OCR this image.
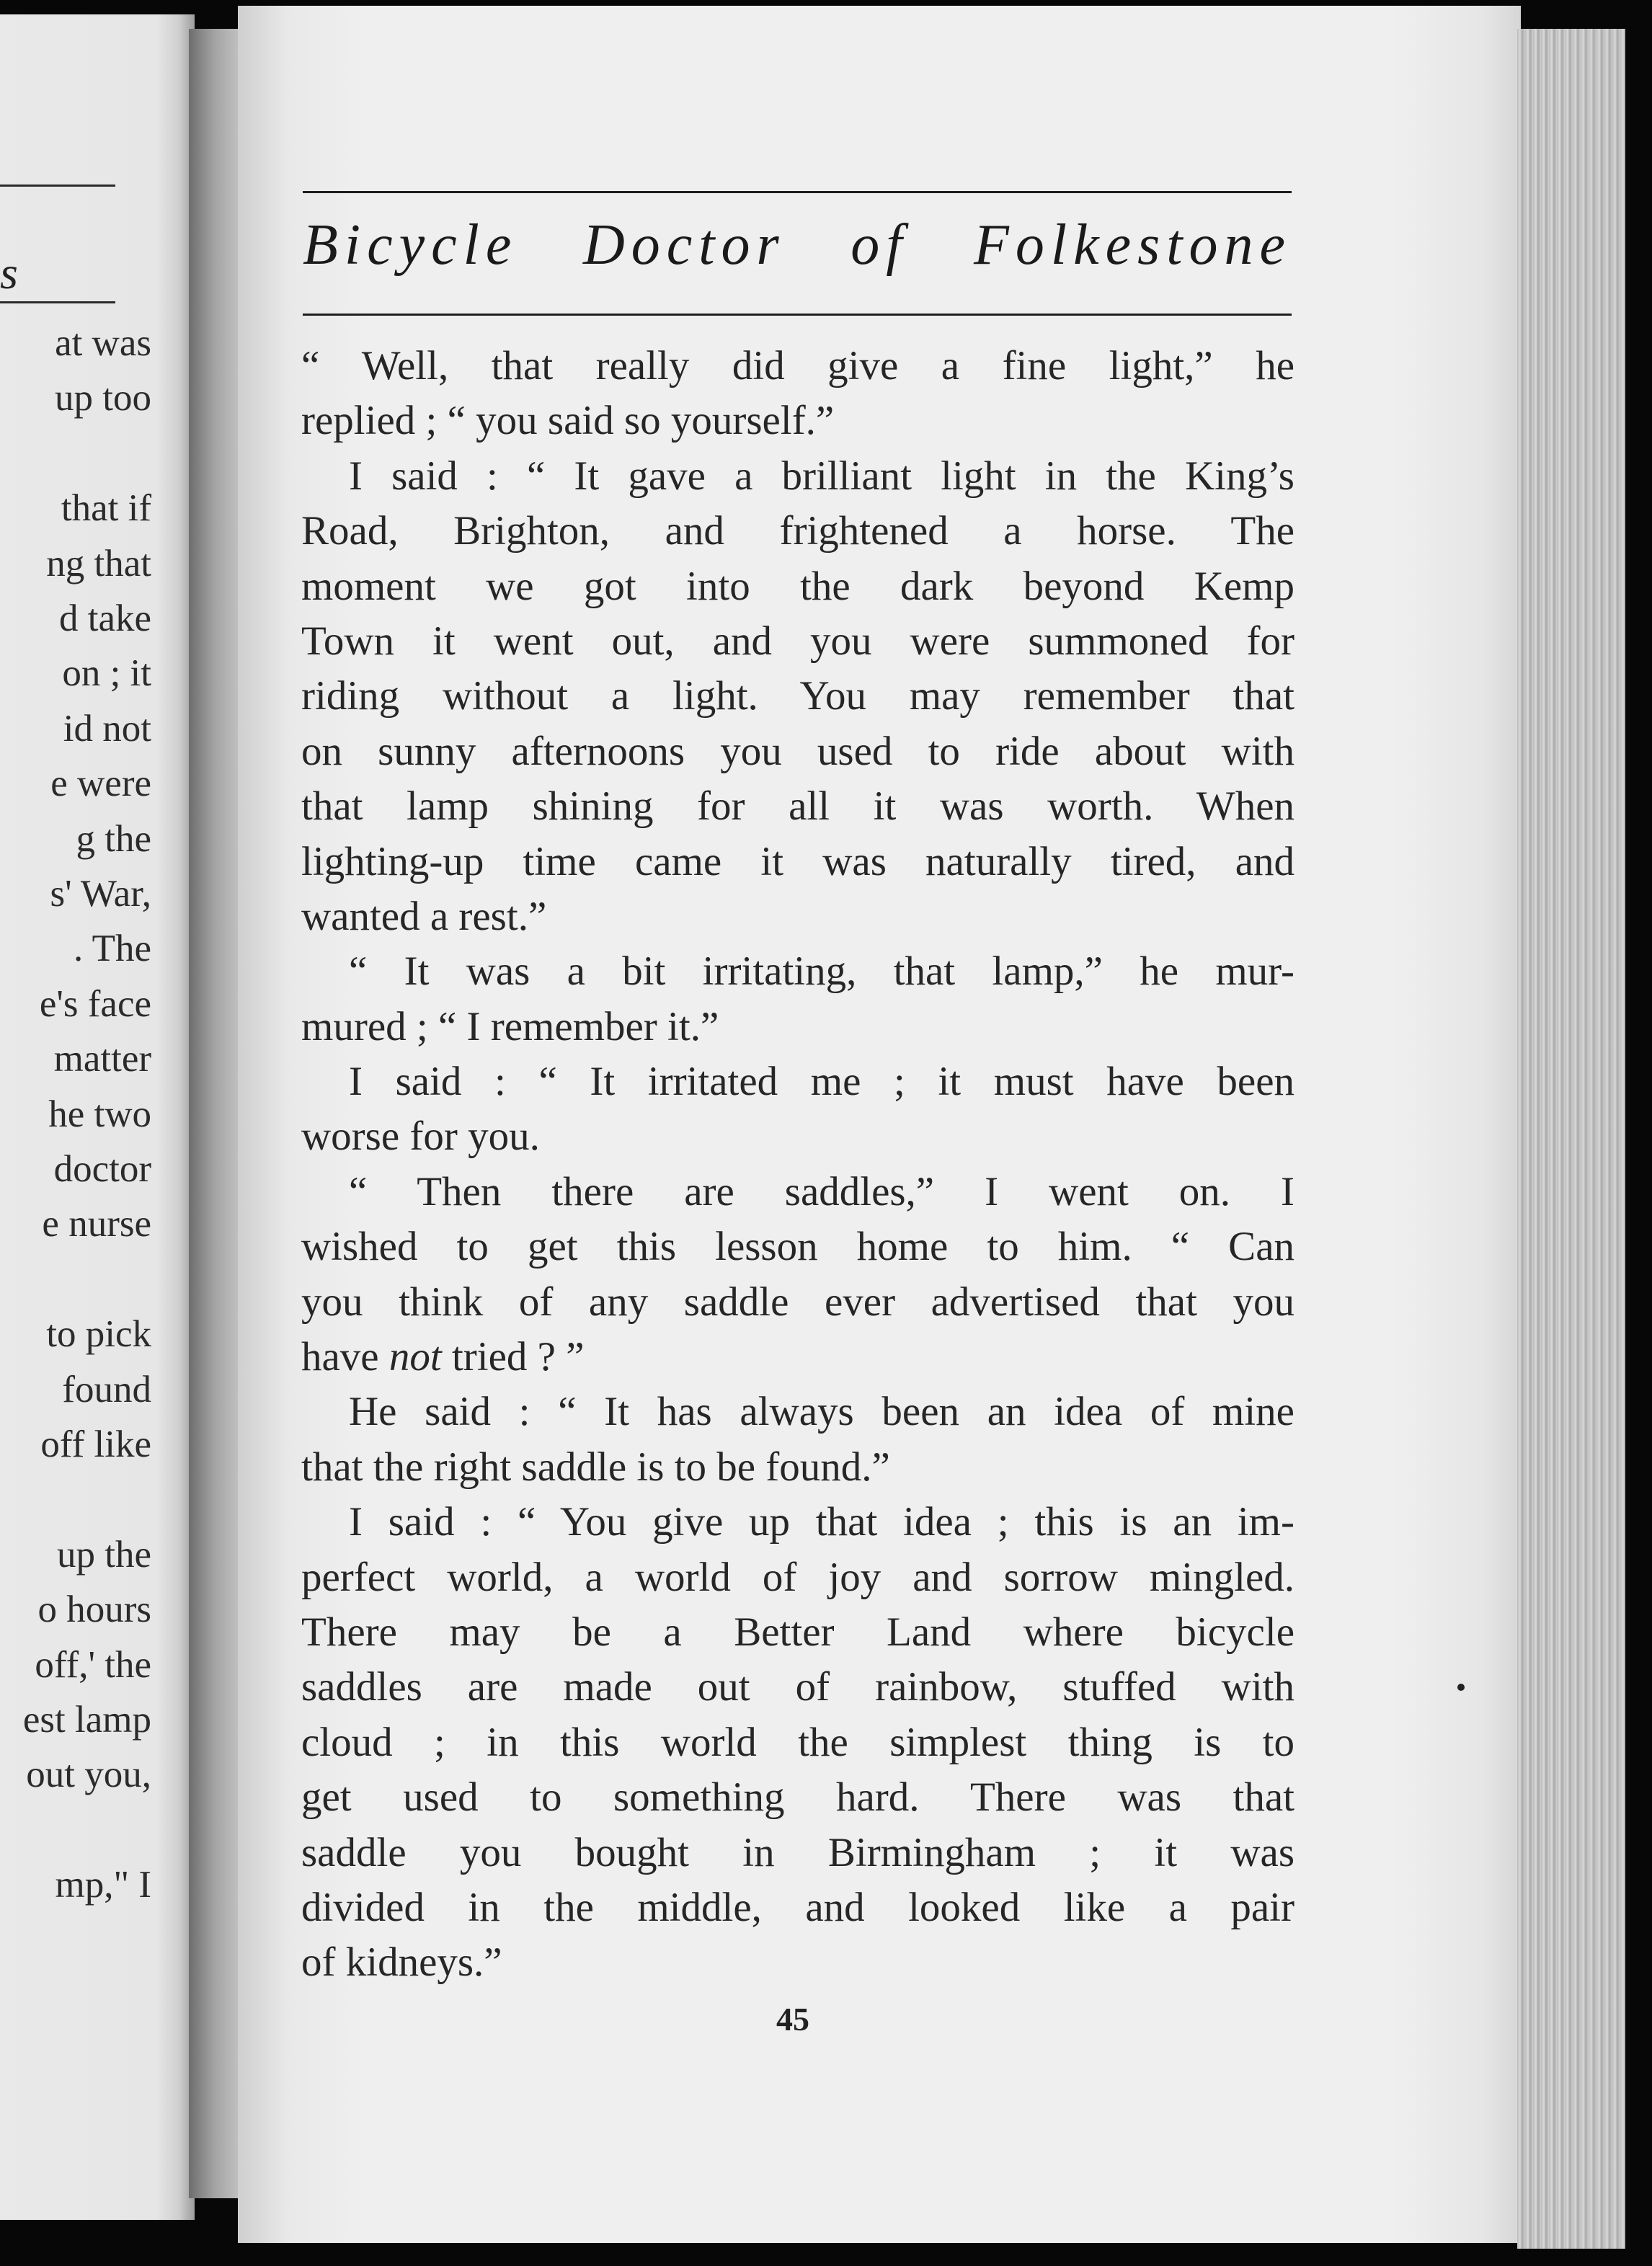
s
at was
up too
that if
ng that
d take
on ; it
id not
e were
g the
s' War,
. The
e's face
matter
he two
doctor
e nurse
to pick
found
off like
up the
o hours
off,' the
est lamp
out you,
mp," I
Bicycle Doctor of Folkestone
“ Well, that really did give a fine light,” he
replied ; “ you said so yourself.”
I said : “ It gave a brilliant light in the King’s
Road, Brighton, and frightened a horse. The
moment we got into the dark beyond Kemp
Town it went out, and you were summoned for
riding without a light. You may remember that
on sunny afternoons you used to ride about with
that lamp shining for all it was worth. When
lighting-up time came it was naturally tired, and
wanted a rest.”
“ It was a bit irritating, that lamp,” he mur-
mured ; “ I remember it.”
I said : “ It irritated me ; it must have been
worse for you.
“ Then there are saddles,” I went on. I
wished to get this lesson home to him. “ Can
you think of any saddle ever advertised that you
have not tried ? ”
He said : “ It has always been an idea of mine
that the right saddle is to be found.”
I said : “ You give up that idea ; this is an im-
perfect world, a world of joy and sorrow mingled.
There may be a Better Land where bicycle
saddles are made out of rainbow, stuffed with
cloud ; in this world the simplest thing is to
get used to something hard. There was that
saddle you bought in Birmingham ; it was
divided in the middle, and looked like a pair
of kidneys.”
45
